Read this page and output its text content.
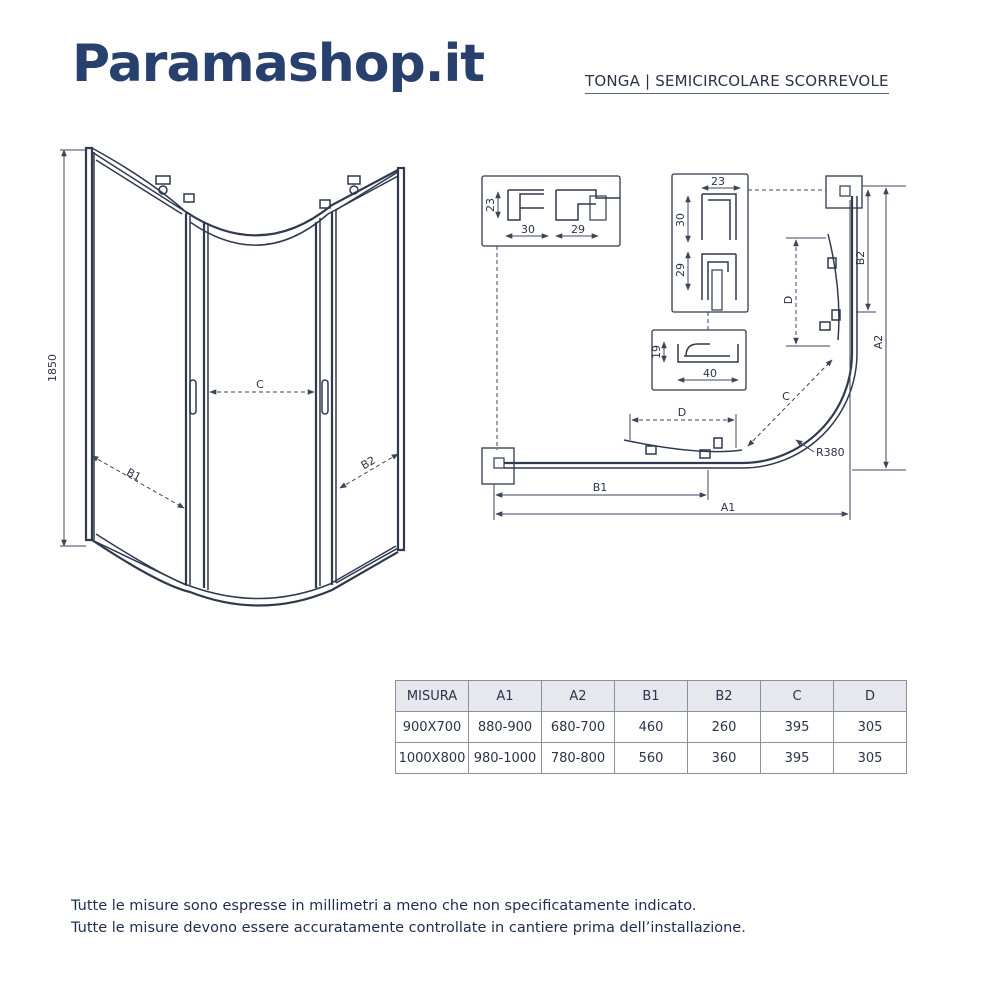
Paramashop.it	TONGA | SEMICIRCOLARE SCORREVOLE
1850
C
B1
B2
A1
B1
A2
B2
D
D
C
R380
23
30	29
23
30
29
19
40
MISURA	A1	A2	B1	B2	C	D
900X700	880-900	680-700	460	260	395	305
1000X800	980-1000	780-800	560	360	395	305
Tutte le misure sono espresse in millimetri a meno che non specificatamente indicato.
Tutte le misure devono essere accuratamente controllate in cantiere prima dell’installazione.
